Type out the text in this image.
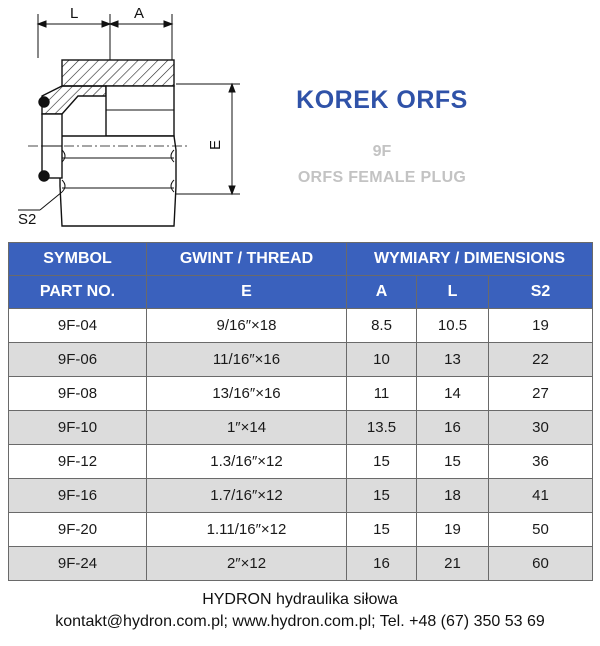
L	A
E
S2
KOREK ORFS
9F
ORFS FEMALE PLUG
SYMBOL	GWINT / THREAD	WYMIARY / DIMENSIONS		
PART NO.	E	A	L	S2
9F-04	9/16″×18	8.5	10.5	19
9F-06	11/16″×16	10	13	22
9F-08	13/16″×16	11	14	27
9F-10	1″×14	13.5	16	30
9F-12	1.3/16″×12	15	15	36
9F-16	1.7/16″×12	15	18	41
9F-20	1.11/16″×12	15	19	50
9F-24	2″×12	16	21	60
HYDRON hydraulika siłowa
kontakt@hydron.com.pl; www.hydron.com.pl; Tel. +48 (67) 350 53 69
